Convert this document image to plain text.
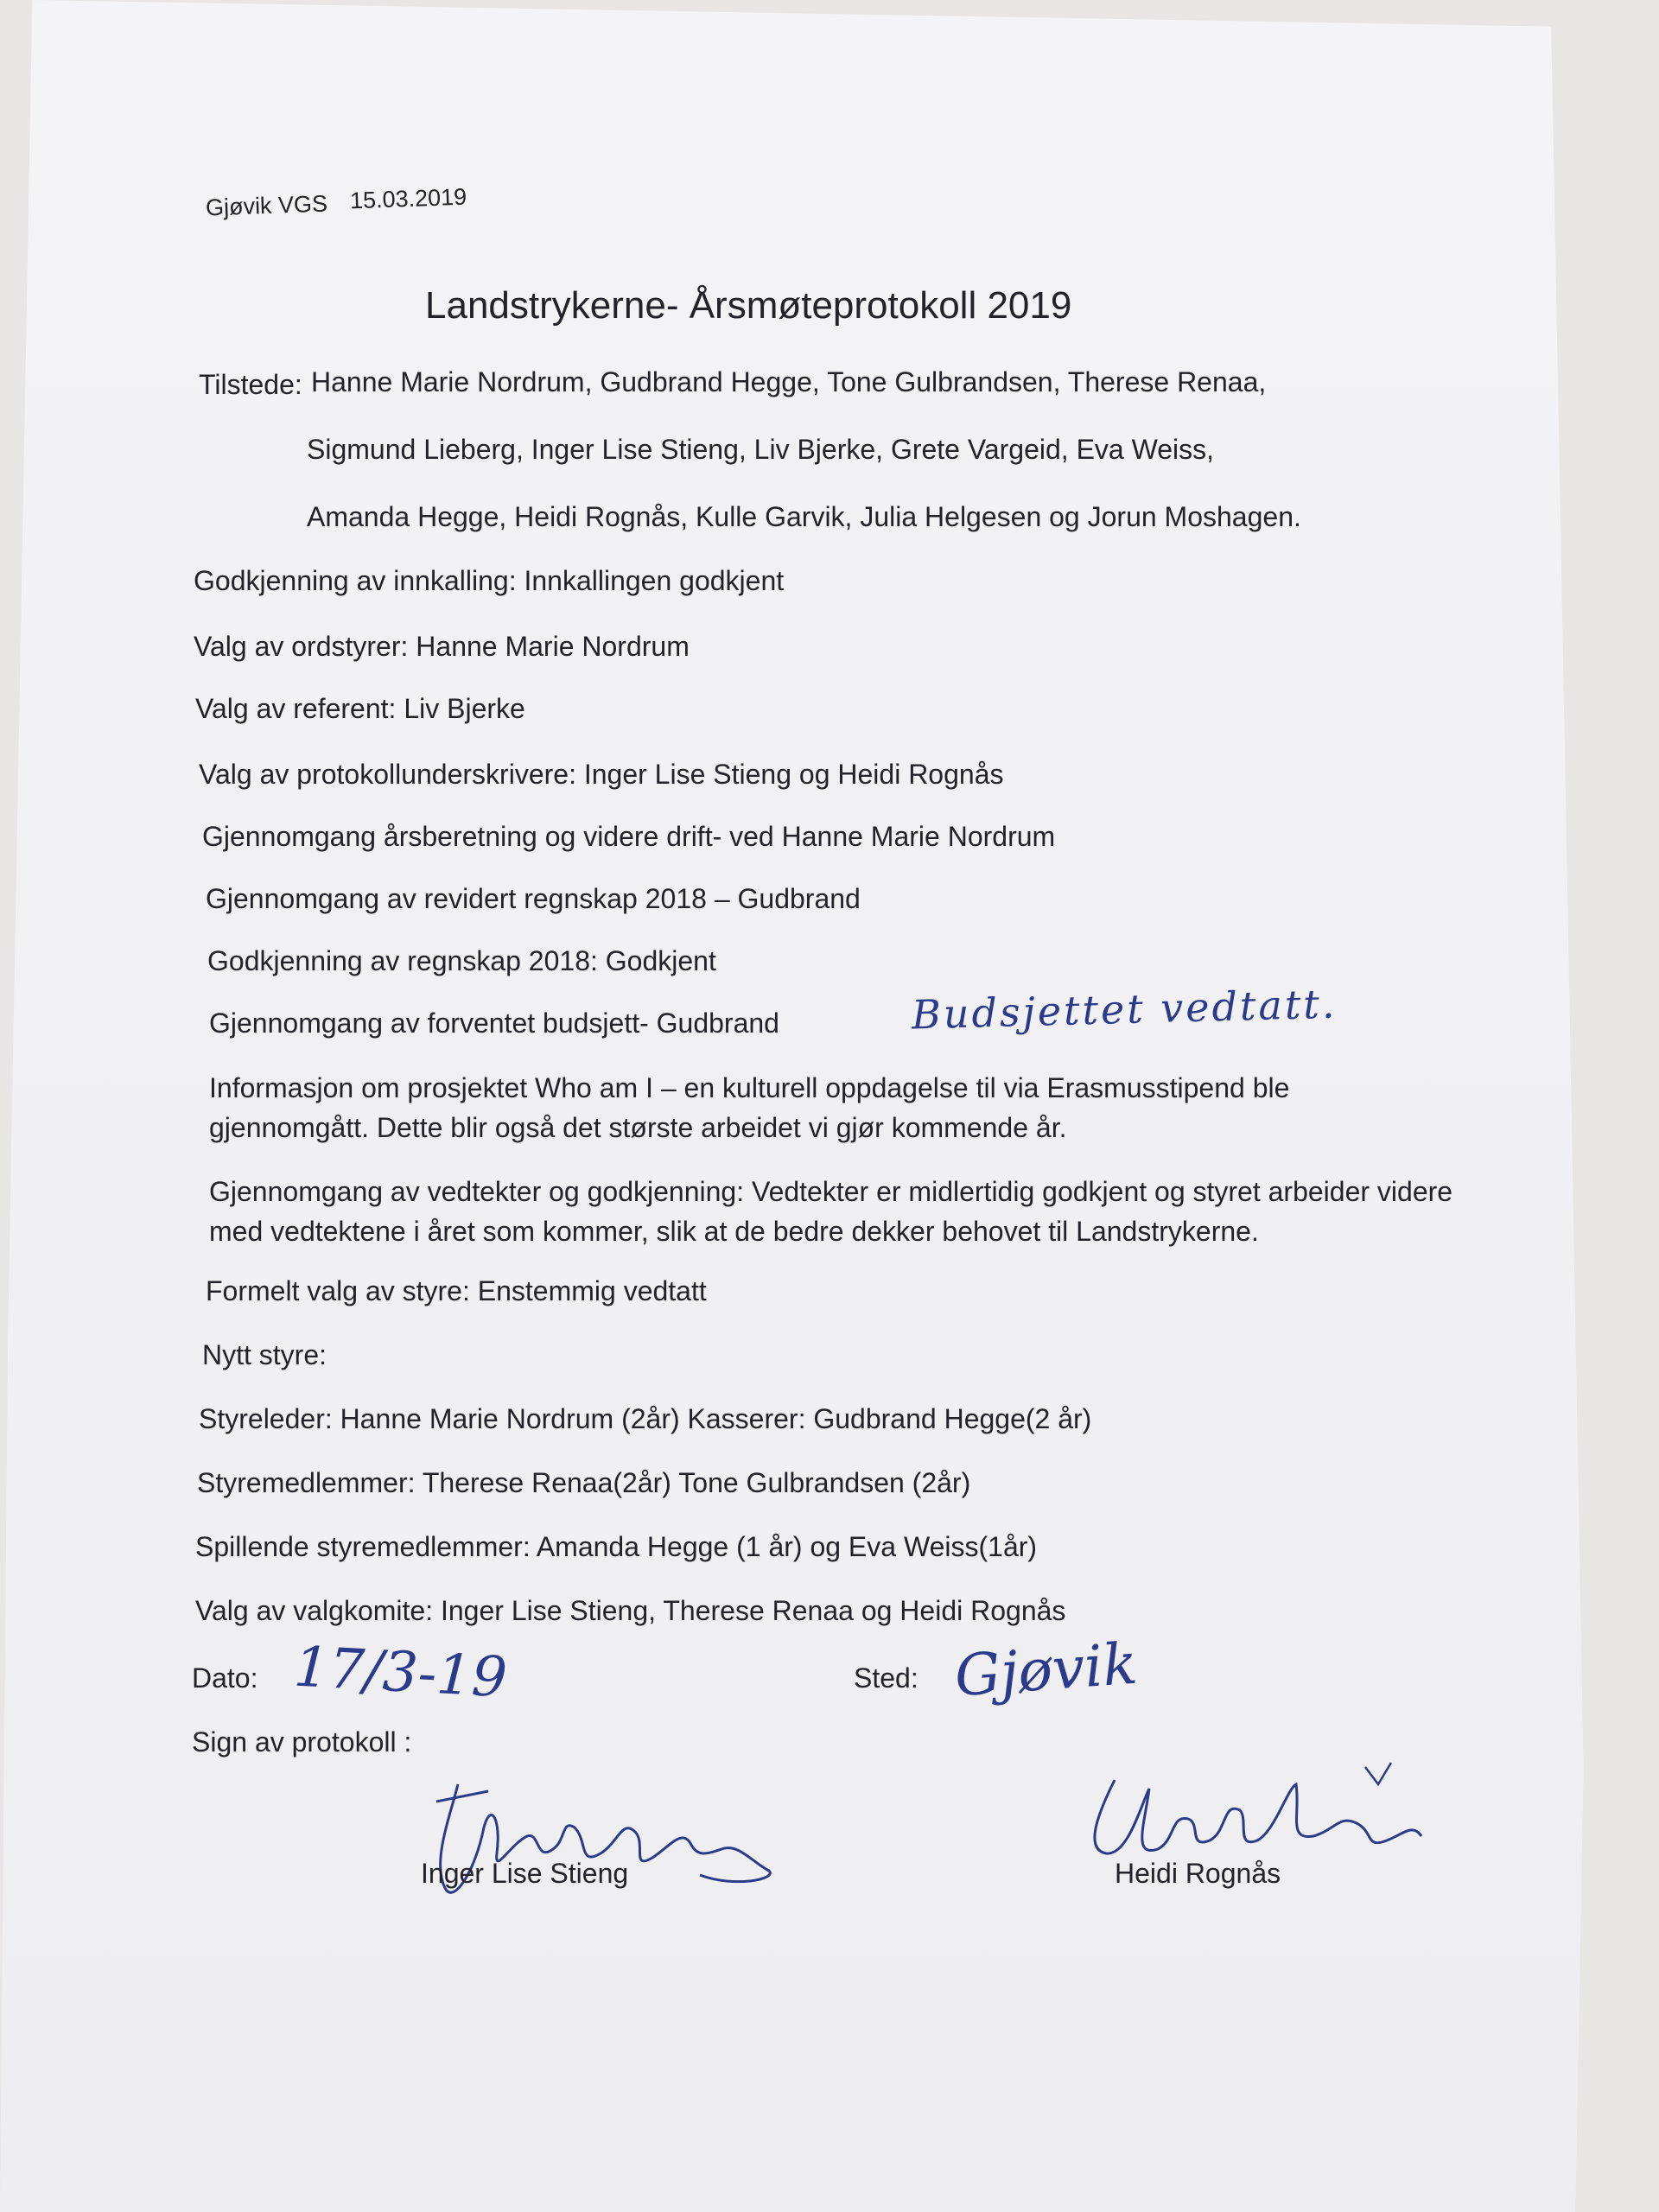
Gjøvik VGS 15.03.2019

Landstrykerne- Årsmøteprotokoll 2019

Tilstede: Hanne Marie Nordrum, Gudbrand Hegge, Tone Gulbrandsen, Therese Renaa,

Sigmund Lieberg, Inger Lise Stieng, Liv Bjerke, Grete Vargeid, Eva Weiss,

Amanda Hegge, Heidi Rognås, Kulle Garvik, Julia Helgesen og Jorun Moshagen.

Godkjenning av innkalling: Innkallingen godkjent

Valg av ordstyrer: Hanne Marie Nordrum

Valg av referent: Liv Bjerke

Valg av protokollunderskrivere: Inger Lise Stieng og Heidi Rognås

Gjennomgang årsberetning og videre drift- ved Hanne Marie Nordrum

Gjennomgang av revidert regnskap 2018 – Gudbrand

Godkjenning av regnskap 2018: Godkjent

Gjennomgang av forventet budsjett- Gudbrand	Budsjettet vedtatt.

Informasjon om prosjektet Who am I – en kulturell oppdagelse til via Erasmusstipend ble gjennomgått. Dette blir også det største arbeidet vi gjør kommende år.

Gjennomgang av vedtekter og godkjenning: Vedtekter er midlertidig godkjent og styret arbeider videre med vedtektene i året som kommer, slik at de bedre dekker behovet til Landstrykerne.

Formelt valg av styre: Enstemmig vedtatt

Nytt styre:

Styreleder: Hanne Marie Nordrum (2år) Kasserer: Gudbrand Hegge(2 år)

Styremedlemmer: Therese Renaa(2år) Tone Gulbrandsen (2år)

Spillende styremedlemmer: Amanda Hegge (1 år) og Eva Weiss(1år)

Valg av valgkomite: Inger Lise Stieng, Therese Renaa og Heidi Rognås

Dato: 17/3-19	Sted: Gjøvik

Sign av protokoll :

Inger Lise Stieng	Heidi Rognås
